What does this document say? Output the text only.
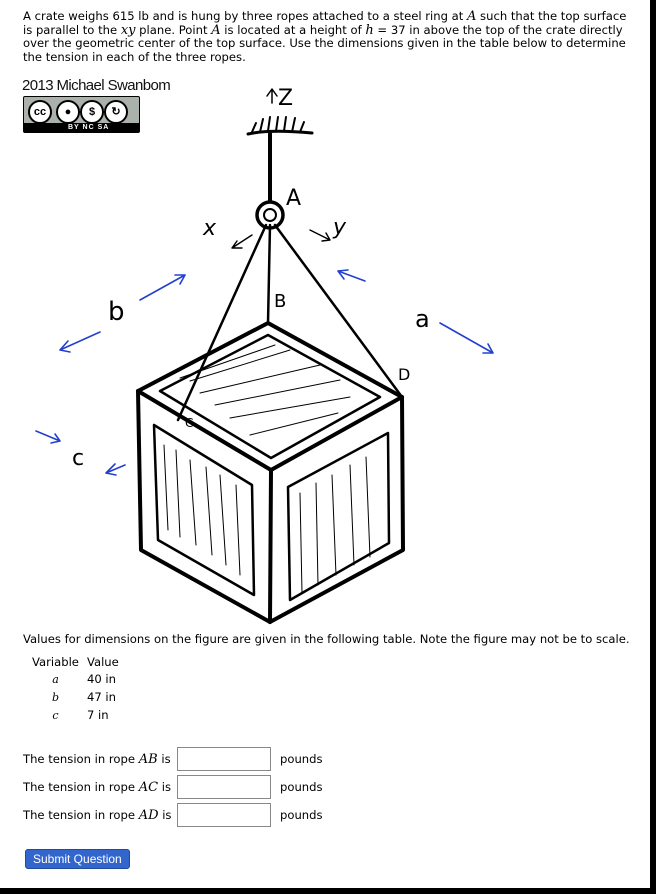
A crate weighs 615 lb and is hung by three ropes attached to a steel ring at A such that the top surface is parallel to the xy plane. Point A is located at a height of h = 37 in above the top of the crate directly over the geometric center of the top surface. Use the dimensions given in the table below to determine the tension in each of the three ropes.
2013 Michael Swanbom
cc	●	$	↻
BY NC SA
Z
A
x	y
B
C
D
b	a
c
Values for dimensions on the figure are given in the following table. Note the figure may not be to scale.
Variable	Value
a	40 in
b	47 in
c	7 in
The tension in rope AB is	pounds
The tension in rope AC is	pounds
The tension in rope AD is	pounds
Submit Question
